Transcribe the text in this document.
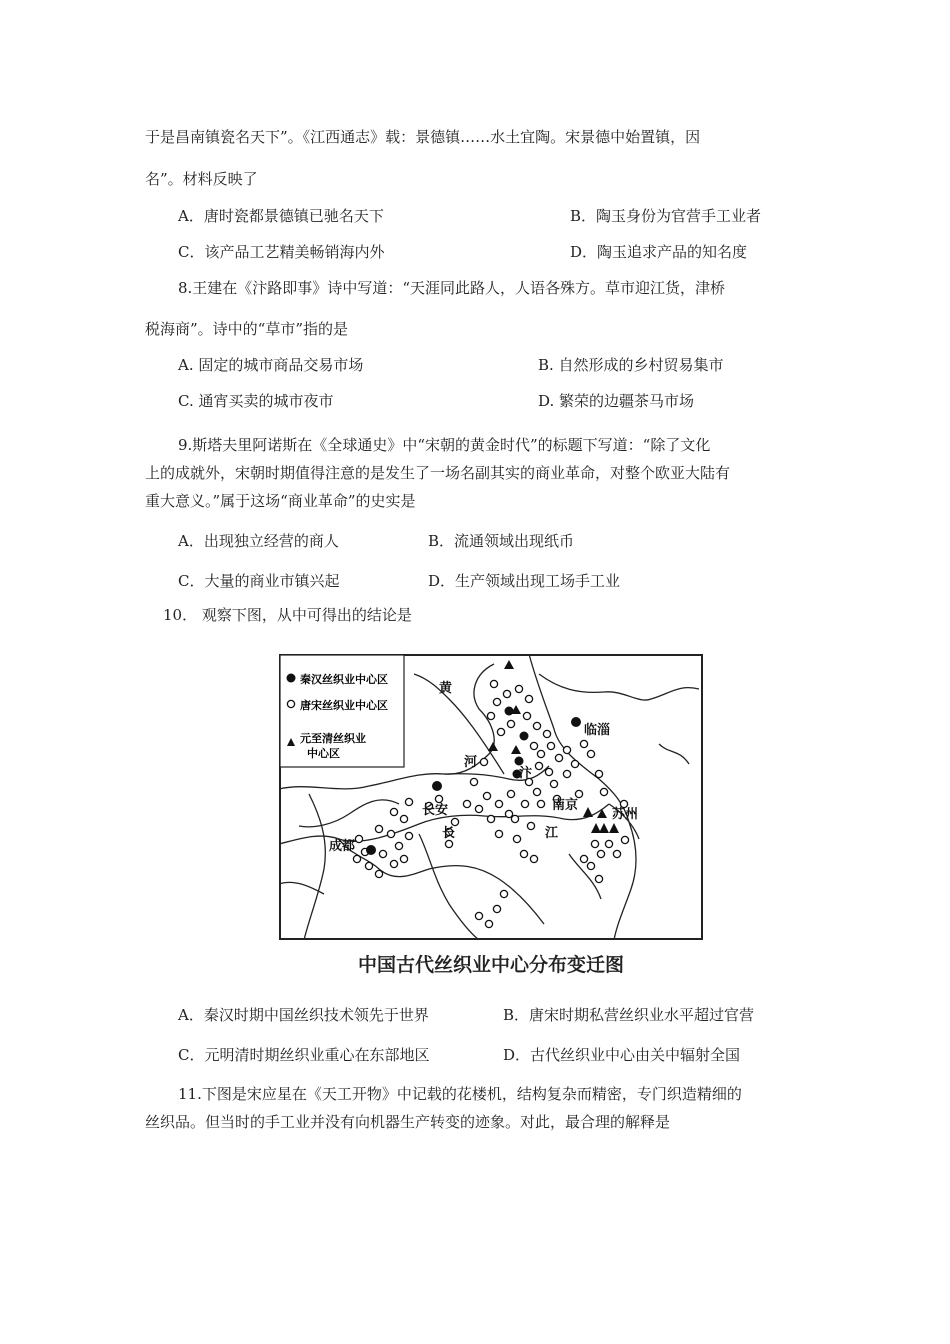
于是昌南镇瓷名天下”。《江西通志》载：景德镇……水土宜陶。宋景德中始置镇，因
名”。材料反映了
A．唐时瓷都景德镇已驰名天下	B．陶玉身份为官营手工业者
C．该产品工艺精美畅销海内外	D．陶玉追求产品的知名度
8.王建在《汴路即事》诗中写道：“天涯同此路人，人语各殊方。草市迎江货，津桥
税海商”。诗中的“草市”指的是
A. 固定的城市商品交易市场	B. 自然形成的乡村贸易集市
C. 通宵买卖的城市夜市	D. 繁荣的边疆茶马市场
9.斯塔夫里阿诺斯在《全球通史》中“宋朝的黄金时代”的标题下写道：“除了文化
上的成就外，宋朝时期值得注意的是发生了一场名副其实的商业革命，对整个欧亚大陆有
重大意义。”属于这场“商业革命”的史实是
A．出现独立经营的商人	B．流通领域出现纸币
C．大量的商业市镇兴起	D．生产领域出现工场手工业
10． 观察下图，从中可得出的结论是
秦汉丝织业中心区
唐宋丝织业中心区
元至清丝织业
中心区
黄
河
汴
临淄
长安	南京
苏州
成都
长	江
中国古代丝织业中心分布变迁图
A．秦汉时期中国丝织技术领先于世界	B．唐宋时期私营丝织业水平超过官营
C．元明清时期丝织业重心在东部地区	D．古代丝织业中心由关中辐射全国
11.下图是宋应星在《天工开物》中记载的花楼机，结构复杂而精密，专门织造精细的
丝织品。但当时的手工业并没有向机器生产转变的迹象。对此，最合理的解释是
